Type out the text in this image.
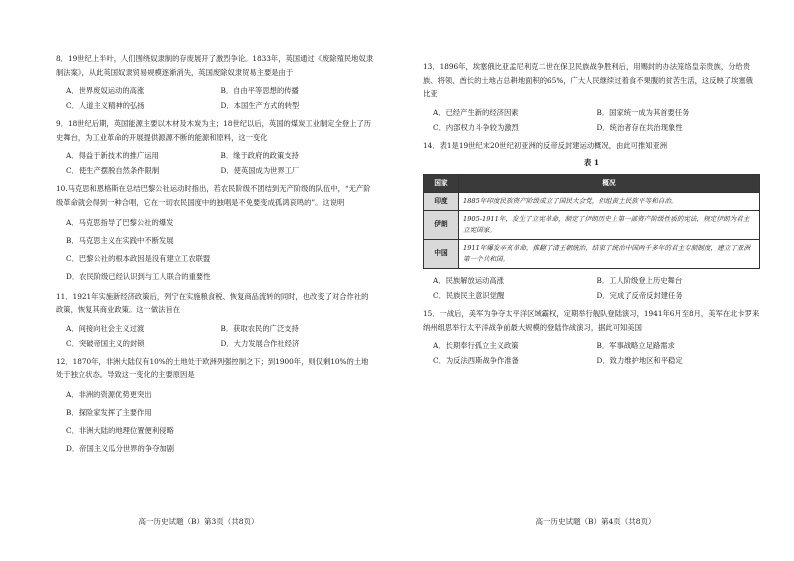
8．19世纪上半叶，人们围绕奴隶制的存废展开了激烈争论。1833年，英国通过《废除殖民地奴隶制法案》，从此英国奴隶贸易规模逐渐消失，英国废除奴隶贸易主要是由于

A．世界废奴运动的高涨	B．自由平等思想的传播
C．人道主义精神的弘扬	D．本国生产方式的转型

9．18世纪后期，英国能源主要以木材及木炭为主；18世纪以后，英国的煤炭工业制定全登上了历史舞台，为工业革命的开展提供源源不断的能源和原料，这一变化

A．得益于新技术的推广运用	B．缘于政府的政策支持
C．使生产摆脱自然条件限制	D．使英国成为世界工厂

10.马克思和恩格斯在总结巴黎公社运动时指出，若农民阶级不团结到无产阶级的队伍中，“无产阶级革命就会得到一种合唱，它在一切农民国度中的独唱是不免要变成孤鸿哀鸣的”。这说明

A．马克思指导了巴黎公社的爆发
B．马克思主义在实践中不断发展
C．巴黎公社的根本政因是没有建立工农联盟
D．农民阶级已经认识到与工人联合的重要性

11．1921年实施新经济政策后，列宁在实施粮食税、恢复商品流转的同时，也改变了对合作社的政策，恢复其商业政策。这一做法旨在

A．间接向社会主义过渡	B．获取农民的广泛支持
C．突破帝国主义的封锁	D．大力发展合作社经济

12．1870年，非洲大陆仅有10%的土地处于欧洲列强控制之下；到1900年，则仅剩10%的土地处于独立状态。导致这一变化的主要原因是

A．非洲的资源优势更突出
B．探险家发挥了主要作用
C．非洲大陆的地理位置便利侵略
D．帝国主义瓜分世界的争夺加剧
高一历史试题（B）第3页（共8页）

13．1896年，埃塞俄比亚孟尼利克二世在保卫民族战争胜利后，用赐封的办法笼络皇亲贵族，分给贵族、将领、酋长的土地占总耕地面积的65%，广大人民继续过着食不果腹的贫苦生活，这反映了埃塞俄比亚

A．已经产生新的经济因素	B．国家统一成为其首要任务
C．内部权力斗争较为激烈	D．统治者存在共治现象性

14．表1是19世纪末20世纪初亚洲的反帝反封建运动概况，由此可推知亚洲

表 1
国家	概况
印度	1885年印度民族资产阶级成立了国民大会党，但组黄土民族平等和自治。
伊朗	1905-1911年，发生了立宪革命，制定了伊朗历史上第一部资产阶级性质的宪法，规定伊朗为君主立宪国家。
中国	1911年爆发辛亥革命，推翻了清王朝统治，结束了统治中国两千多年的君主专制制度，建立了亚洲第一个共和国。
A．民族解放运动高涨	B．工人阶级登上历史舞台
C．民族民主意识觉醒	D．完成了反帝反封建任务

15．一战后，美军为争夺太平洋区域霸权，定期举行舰队登陆演习，1941年6月至8月，美军在北卡罗来纳州组思举行太平洋战争前最大规模的登陆作战演习，据此可知美国

A．长期奉行孤立主义政策	B．军事战略立足路需求
C．为反法西斯战争作准备	D．致力维护地区和平稳定
高一历史试题（B）第4页（共8页）
